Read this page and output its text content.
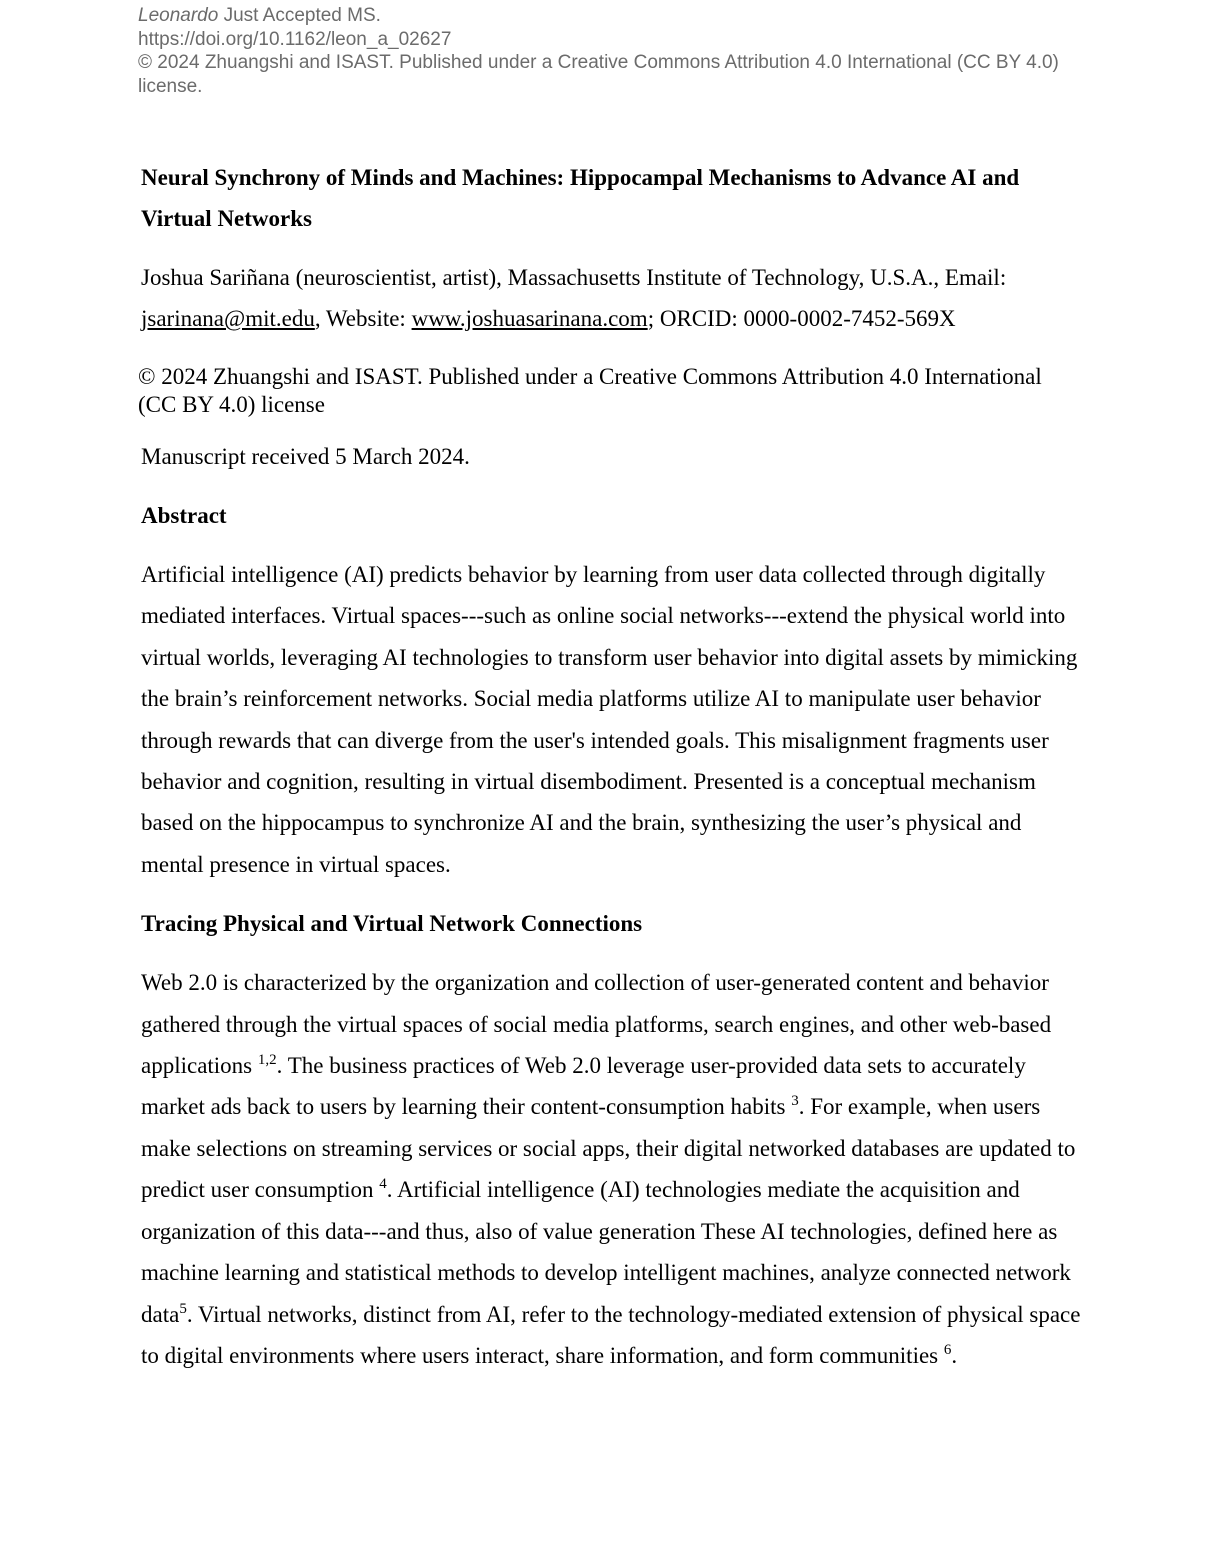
Leonardo Just Accepted MS.
https://doi.org/10.1162/leon_a_02627
© 2024 Zhuangshi and ISAST. Published under a Creative Commons Attribution 4.0 International (CC BY 4.0) license.
Neural Synchrony of Minds and Machines: Hippocampal Mechanisms to Advance AI and Virtual Networks
Joshua Sariñana (neuroscientist, artist), Massachusetts Institute of Technology, U.S.A., Email: jsarinana@mit.edu, Website: www.joshuasarinana.com; ORCID: 0000-0002-7452-569X
© 2024 Zhuangshi and ISAST. Published under a Creative Commons Attribution 4.0 International (CC BY 4.0) license
Manuscript received 5 March 2024.
Abstract
Artificial intelligence (AI) predicts behavior by learning from user data collected through digitally mediated interfaces. Virtual spaces---such as online social networks---extend the physical world into virtual worlds, leveraging AI technologies to transform user behavior into digital assets by mimicking the brain’s reinforcement networks. Social media platforms utilize AI to manipulate user behavior through rewards that can diverge from the user's intended goals. This misalignment fragments user behavior and cognition, resulting in virtual disembodiment. Presented is a conceptual mechanism based on the hippocampus to synchronize AI and the brain, synthesizing the user’s physical and mental presence in virtual spaces.
Tracing Physical and Virtual Network Connections
Web 2.0 is characterized by the organization and collection of user-generated content and behavior gathered through the virtual spaces of social media platforms, search engines, and other web-based applications $^{1,2}$. The business practices of Web 2.0 leverage user-provided data sets to accurately market ads back to users by learning their content-consumption habits $^3$. For example, when users make selections on streaming services or social apps, their digital networked databases are updated to predict user consumption $^4$. Artificial intelligence (AI) technologies mediate the acquisition and organization of this data---and thus, also of value generation These AI technologies, defined here as machine learning and statistical methods to develop intelligent machines, analyze connected network data$^5$. Virtual networks, distinct from AI, refer to the technology-mediated extension of physical space to digital environments where users interact, share information, and form communities $^6$.
